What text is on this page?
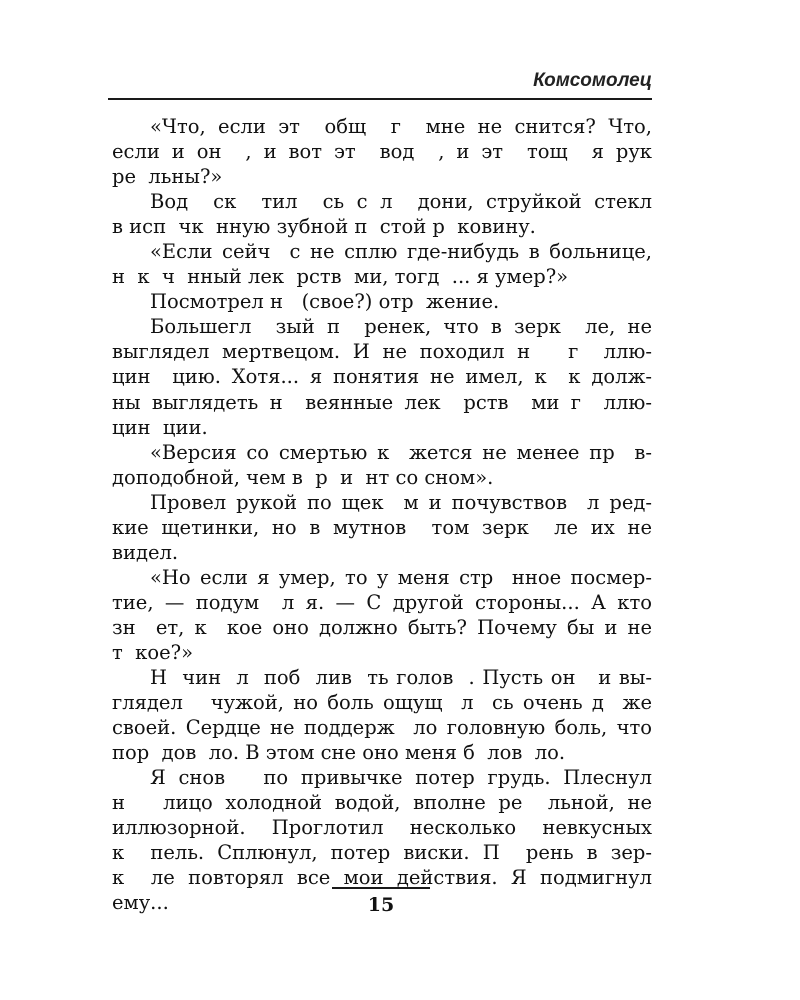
Комсомолец
«Что, если эт  общ  г  мне не снится? Что,
если и он  , и вот эт  вод  , и эт  тощ  я рук
ре  льны?»
Вод  ск  тил  сь с л  дони, струйкой стекл
в исп  чк  нную зубной п  стой р  ковину.
«Если сейч  с не сплю где-нибудь в больнице,
н  к  ч  нный лек  рств  ми, тогд  ... я умер?»
Посмотрел н   (свое?) отр  жение.
Большегл  зый п  ренек, что в зерк  ле, не
выглядел мертвецом. И не походил н   г  ллю-
цин  цию. Хотя... я понятия не имел, к  к долж‐
ны выглядеть н  веянные лек  рств  ми г  ллю-
цин  ции.
«Версия со смертью к  жется не менее пр  в-
доподобной, чем в  р  и  нт со сном».
Провел рукой по щек  м и почувствов  л ред-
кие щетинки, но в мутнов  том зерк  ле их не
видел.
«Но если я умер, то у меня стр  нное посмер-
тие, — подум  л я. — С другой стороны... А кто
зн  ет, к  кое оно должно быть? Почему бы и не
т  кое?»
Н  чин  л  поб  лив  ть голов  . Пусть он   и вы-
глядел   чужой, но боль ощущ  л  сь очень д  же
своей. Сердце не поддерж  ло головную боль, что
пор  дов  ло. В этом сне оно меня б  лов  ло.
Я снов   по привычке потер грудь. Плеснул
н   лицо холодной водой, вполне ре  льной, не
иллюзорной. Проглотил несколько невкусных
к  пель. Сплюнул, потер виски. П  рень в зер-
к  ле повторял все мои действия. Я подмигнул
ему...	15
